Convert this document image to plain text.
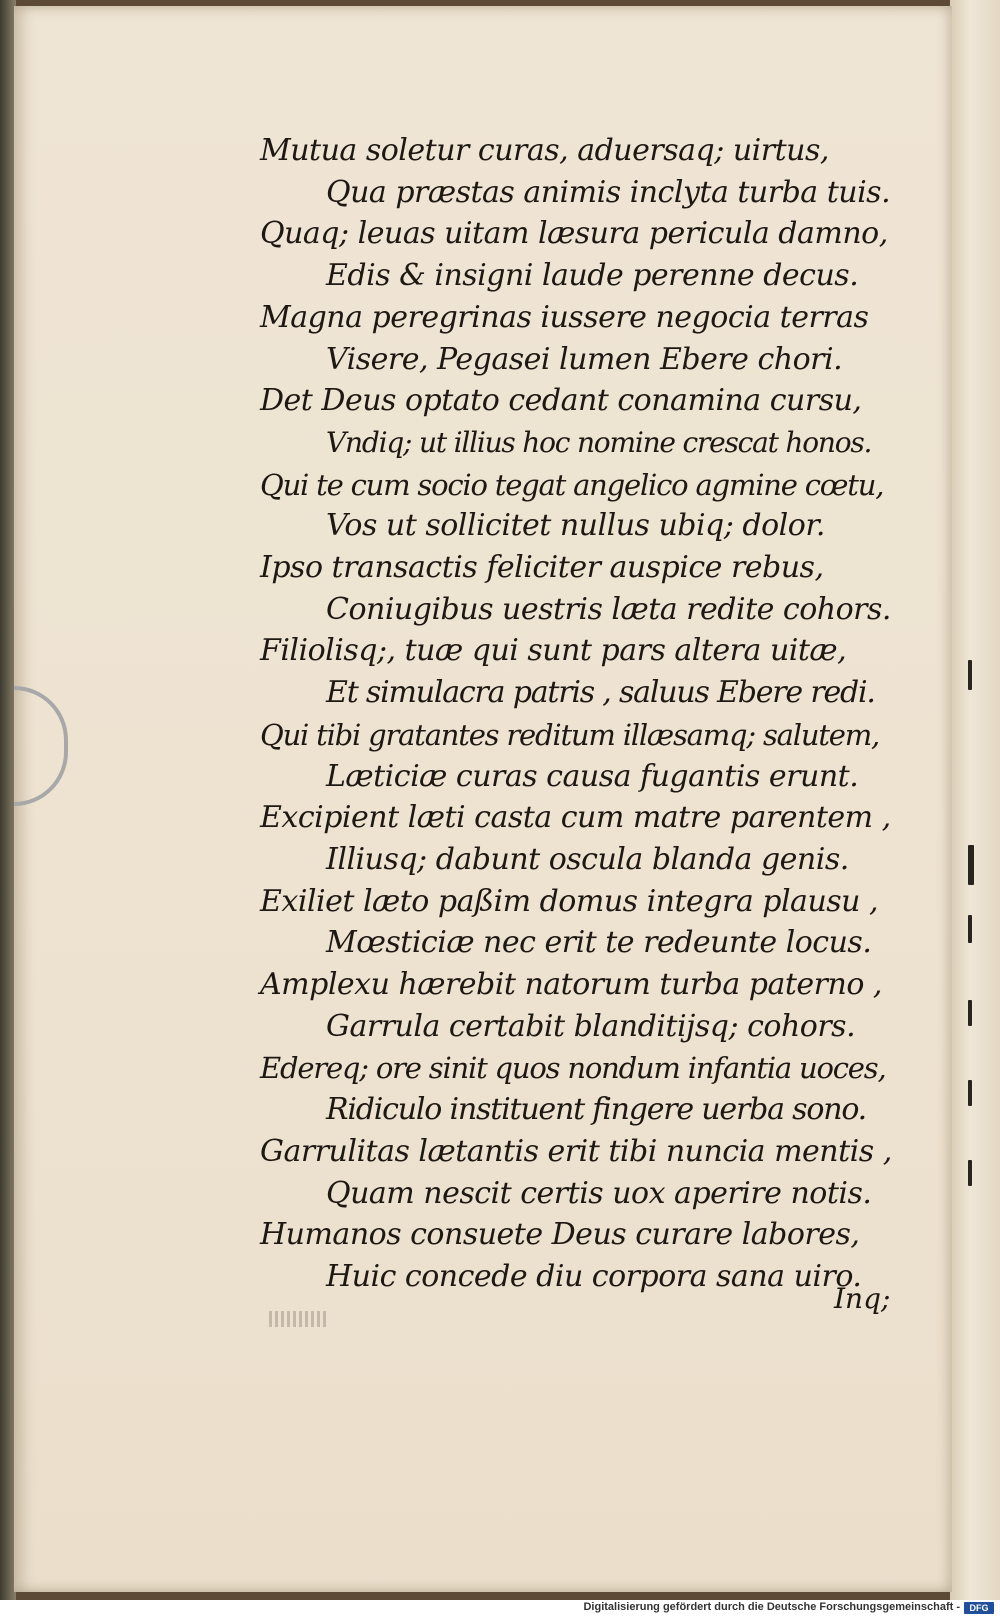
Mutua soletur curas, aduersaq; uirtus,
Qua præstas animis inclyta turba tuis.
Quaq; leuas uitam læsura pericula damno,
Edis & insigni laude perenne decus.
Magna peregrinas iussere negocia terras
Visere, Pegasei lumen Ebere chori.
Det Deus optato cedant conamina cursu,
Vndiq; ut illius hoc nomine crescat honos.
Qui te cum socio tegat angelico agmine cœtu,
Vos ut sollicitet nullus ubiq; dolor.
Ipso transactis feliciter auspice rebus,
Coniugibus uestris læta redite cohors.
Filiolisq;, tuæ qui sunt pars altera uitæ,
Et simulacra patris , saluus Ebere redi.
Qui tibi gratantes reditum illæsamq; salutem,
Læticiæ curas causa fugantis erunt.
Excipient læti casta cum matre parentem ,
Illiusq; dabunt oscula blanda genis.
Exiliet læto paßim domus integra plausu ,
Mœsticiæ nec erit te redeunte locus.
Amplexu hærebit natorum turba paterno ,
Garrula certabit blanditijsq; cohors.
Edereq; ore sinit quos nondum infantia uoces,
Ridiculo instituent fingere uerba sono.
Garrulitas lætantis erit tibi nuncia mentis ,
Quam nescit certis uox aperire notis.
Humanos consuete Deus curare labores,
Huic concede diu corpora sana uiro.
Inq;
Digitalisierung gefördert durch die Deutsche Forschungsgemeinschaft -	DFG
